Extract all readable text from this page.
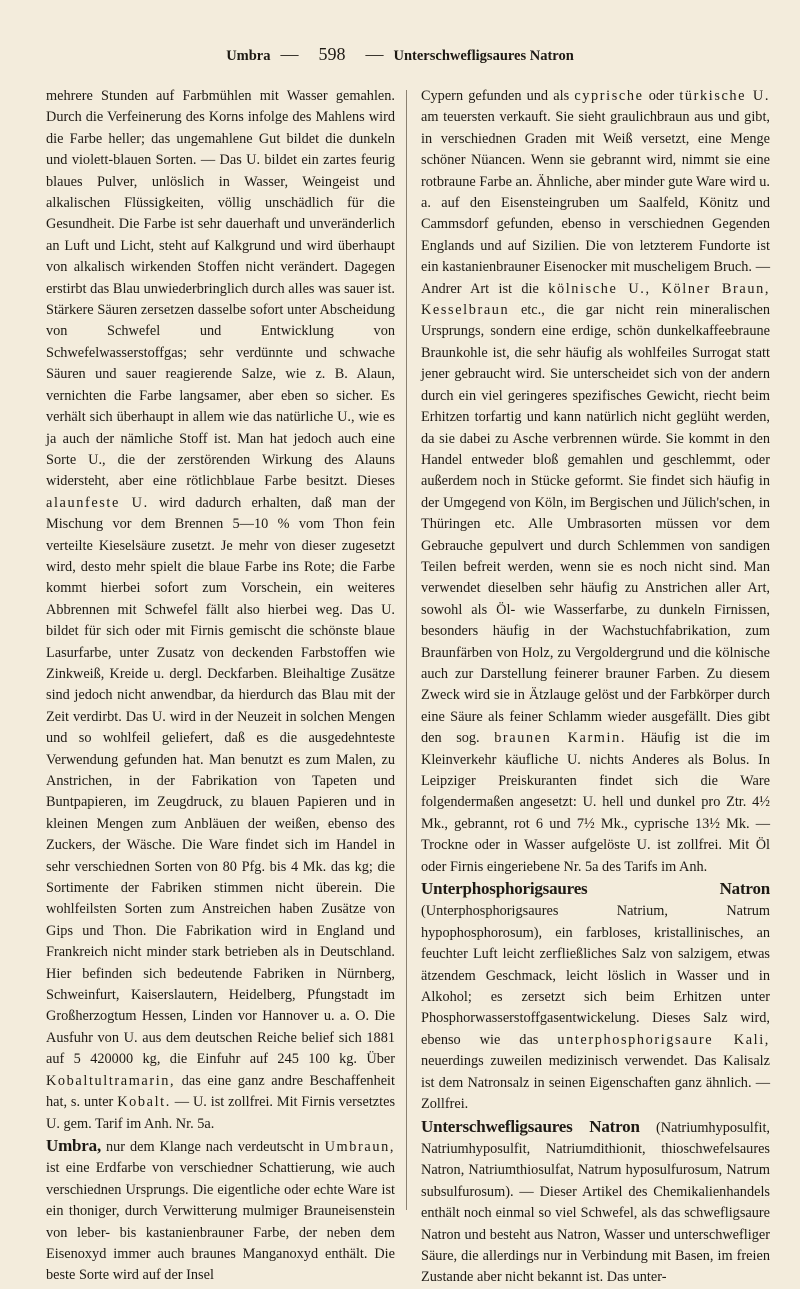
Umbra — 598 — Unterschwefligsaures Natron

mehrere Stunden auf Farbmühlen mit Wasser gemahlen. Durch die Verfeinerung des Korns infolge des Mahlens wird die Farbe heller; das ungemahlene Gut bildet die dunkeln und violett-blauen Sorten. — Das U. bildet ein zartes feurig blaues Pulver, unlöslich in Wasser, Weingeist und alkalischen Flüssigkeiten, völlig unschädlich für die Gesundheit. Die Farbe ist sehr dauerhaft und unveränderlich an Luft und Licht, steht auf Kalkgrund und wird überhaupt von alkalisch wirkenden Stoffen nicht verändert. Dagegen erstirbt das Blau unwiederbringlich durch alles was sauer ist. Stärkere Säuren zersetzen dasselbe sofort unter Abscheidung von Schwefel und Entwicklung von Schwefelwasserstoffgas; sehr verdünnte und schwache Säuren und sauer reagierende Salze, wie z. B. Alaun, vernichten die Farbe langsamer, aber eben so sicher. Es verhält sich überhaupt in allem wie das natürliche U., wie es ja auch der nämliche Stoff ist. Man hat jedoch auch eine Sorte U., die der zerstörenden Wirkung des Alauns widersteht, aber eine rötlichblaue Farbe besitzt. Dieses alaunfeste U. wird dadurch erhalten, daß man der Mischung vor dem Brennen 5—10 % vom Thon fein verteilte Kieselsäure zusetzt. Je mehr von dieser zugesetzt wird, desto mehr spielt die blaue Farbe ins Rote; die Farbe kommt hierbei sofort zum Vorschein, ein weiteres Abbrennen mit Schwefel fällt also hierbei weg. Das U. bildet für sich oder mit Firnis gemischt die schönste blaue Lasurfarbe, unter Zusatz von deckenden Farbstoffen wie Zinkweiß, Kreide u. dergl. Deckfarben. Bleihaltige Zusätze sind jedoch nicht anwendbar, da hierdurch das Blau mit der Zeit verdirbt. Das U. wird in der Neuzeit in solchen Mengen und so wohlfeil geliefert, daß es die ausgedehnteste Verwendung gefunden hat. Man benutzt es zum Malen, zu Anstrichen, in der Fabrikation von Tapeten und Buntpapieren, im Zeugdruck, zu blauen Papieren und in kleinen Mengen zum Anbläuen der weißen, ebenso des Zuckers, der Wäsche. Die Ware findet sich im Handel in sehr verschiednen Sorten von 80 Pfg. bis 4 Mk. das kg; die Sortimente der Fabriken stimmen nicht überein. Die wohlfeilsten Sorten zum Anstreichen haben Zusätze von Gips und Thon. Die Fabrikation wird in England und Frankreich nicht minder stark betrieben als in Deutschland. Hier befinden sich bedeutende Fabriken in Nürnberg, Schweinfurt, Kaiserslautern, Heidelberg, Pfungstadt im Großherzogtum Hessen, Linden vor Hannover u. a. O. Die Ausfuhr von U. aus dem deutschen Reiche belief sich 1881 auf 5 420000 kg, die Einfuhr auf 245 100 kg. Über Kobaltultramarin, das eine ganz andre Beschaffenheit hat, s. unter Kobalt. — U. ist zollfrei. Mit Firnis versetztes U. gem. Tarif im Anh. Nr. 5a.

Umbra, nur dem Klange nach verdeutscht in Umbraun, ist eine Erdfarbe von verschiedner Schattierung, wie auch verschiednen Ursprungs. Die eigentliche oder echte Ware ist ein thoniger, durch Verwitterung mulmiger Brauneisenstein von leber- bis kastanienbrauner Farbe, der neben dem Eisenoxyd immer auch braunes Manganoxyd enthält. Die beste Sorte wird auf der Insel

Cypern gefunden und als cyprische oder türkische U. am teuersten verkauft. Sie sieht graulichbraun aus und gibt, in verschiednen Graden mit Weiß versetzt, eine Menge schöner Nüancen. Wenn sie gebrannt wird, nimmt sie eine rotbraune Farbe an. Ähnliche, aber minder gute Ware wird u. a. auf den Eisensteingruben um Saalfeld, Könitz und Cammsdorf gefunden, ebenso in verschiednen Gegenden Englands und auf Sizilien. Die von letzterem Fundorte ist ein kastanienbrauner Eisenocker mit muscheligem Bruch. — Andrer Art ist die kölnische U., Kölner Braun, Kesselbraun etc., die gar nicht rein mineralischen Ursprungs, sondern eine erdige, schön dunkelkaffeebraune Braunkohle ist, die sehr häufig als wohlfeiles Surrogat statt jener gebraucht wird. Sie unterscheidet sich von der andern durch ein viel geringeres spezifisches Gewicht, riecht beim Erhitzen torfartig und kann natürlich nicht geglüht werden, da sie dabei zu Asche verbrennen würde. Sie kommt in den Handel entweder bloß gemahlen und geschlemmt, oder außerdem noch in Stücke geformt. Sie findet sich häufig in der Umgegend von Köln, im Bergischen und Jülich'schen, in Thüringen etc. Alle Umbrasorten müssen vor dem Gebrauche gepulvert und durch Schlemmen von sandigen Teilen befreit werden, wenn sie es noch nicht sind. Man verwendet dieselben sehr häufig zu Anstrichen aller Art, sowohl als Öl- wie Wasserfarbe, zu dunkeln Firnissen, besonders häufig in der Wachstuchfabrikation, zum Braunfärben von Holz, zu Vergoldergrund und die kölnische auch zur Darstellung feinerer brauner Farben. Zu diesem Zweck wird sie in Ätzlauge gelöst und der Farbkörper durch eine Säure als feiner Schlamm wieder ausgefällt. Dies gibt den sog. braunen Karmin. Häufig ist die im Kleinverkehr käufliche U. nichts Anderes als Bolus. In Leipziger Preiskuranten findet sich die Ware folgendermaßen angesetzt: U. hell und dunkel pro Ztr. 4½ Mk., gebrannt, rot 6 und 7½ Mk., cyprische 13½ Mk. — Trockne oder in Wasser aufgelöste U. ist zollfrei. Mit Öl oder Firnis eingeriebene Nr. 5a des Tarifs im Anh.

Unterphosphorigsaures Natron (Unterphosphorigsaures Natrium, Natrum hypophosphorosum), ein farbloses, kristallinisches, an feuchter Luft leicht zerfließliches Salz von salzigem, etwas ätzendem Geschmack, leicht löslich in Wasser und in Alkohol; es zersetzt sich beim Erhitzen unter Phosphorwasserstoffgasentwickelung. Dieses Salz wird, ebenso wie das unterphosphorigsaure Kali, neuerdings zuweilen medizinisch verwendet. Das Kalisalz ist dem Natronsalz in seinen Eigenschaften ganz ähnlich. — Zollfrei.

Unterschwefligsaures Natron (Natriumhyposulfit, Natriumhyposulfit, Natriumdithionit, thioschwefelsaures Natron, Natriumthiosulfat, Natrum hyposulfurosum, Natrum subsulfurosum). — Dieser Artikel des Chemikalienhandels enthält noch einmal so viel Schwefel, als das schwefligsaure Natron und besteht aus Natron, Wasser und unterschwefliger Säure, die allerdings nur in Verbindung mit Basen, im freien Zustande aber nicht bekannt ist. Das unter-
